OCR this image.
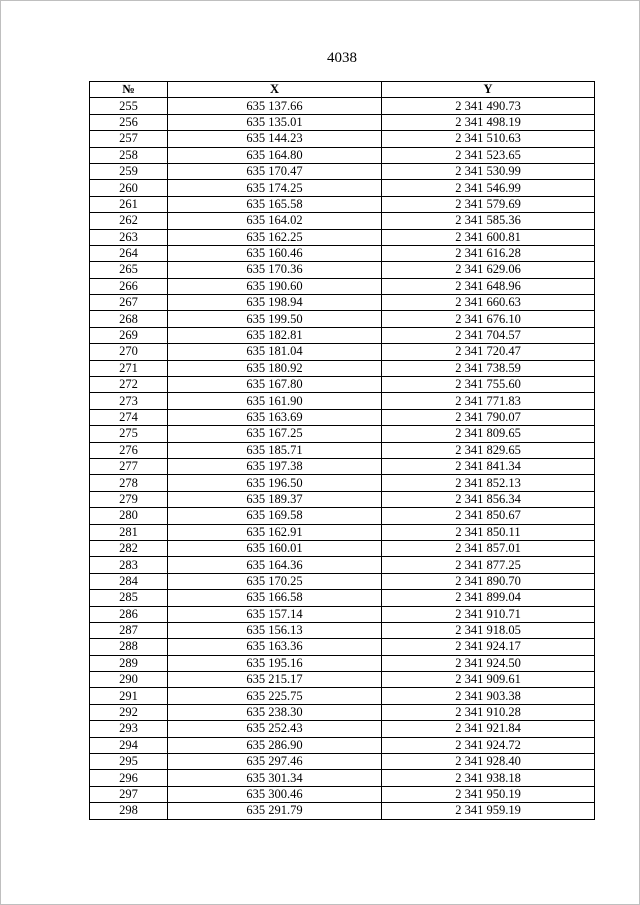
4038
№	X	Y
255	635 137.66	2 341 490.73
256	635 135.01	2 341 498.19
257	635 144.23	2 341 510.63
258	635 164.80	2 341 523.65
259	635 170.47	2 341 530.99
260	635 174.25	2 341 546.99
261	635 165.58	2 341 579.69
262	635 164.02	2 341 585.36
263	635 162.25	2 341 600.81
264	635 160.46	2 341 616.28
265	635 170.36	2 341 629.06
266	635 190.60	2 341 648.96
267	635 198.94	2 341 660.63
268	635 199.50	2 341 676.10
269	635 182.81	2 341 704.57
270	635 181.04	2 341 720.47
271	635 180.92	2 341 738.59
272	635 167.80	2 341 755.60
273	635 161.90	2 341 771.83
274	635 163.69	2 341 790.07
275	635 167.25	2 341 809.65
276	635 185.71	2 341 829.65
277	635 197.38	2 341 841.34
278	635 196.50	2 341 852.13
279	635 189.37	2 341 856.34
280	635 169.58	2 341 850.67
281	635 162.91	2 341 850.11
282	635 160.01	2 341 857.01
283	635 164.36	2 341 877.25
284	635 170.25	2 341 890.70
285	635 166.58	2 341 899.04
286	635 157.14	2 341 910.71
287	635 156.13	2 341 918.05
288	635 163.36	2 341 924.17
289	635 195.16	2 341 924.50
290	635 215.17	2 341 909.61
291	635 225.75	2 341 903.38
292	635 238.30	2 341 910.28
293	635 252.43	2 341 921.84
294	635 286.90	2 341 924.72
295	635 297.46	2 341 928.40
296	635 301.34	2 341 938.18
297	635 300.46	2 341 950.19
298	635 291.79	2 341 959.19
